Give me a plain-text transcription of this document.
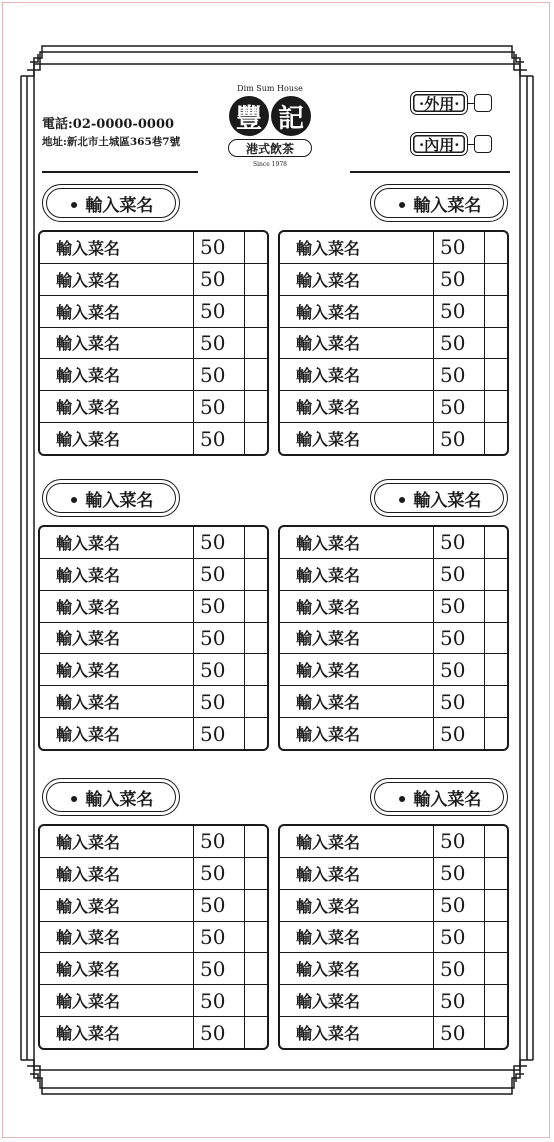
電話:02-0000-0000
地址:新北市土城區365巷7號
Dim Sum House
豐 記
港式飲茶
Since 1978
·外用·
·內用·
• 輸入菜名	• 輸入菜名
輸入菜名	50	
輸入菜名	50	
輸入菜名	50	
輸入菜名	50	
輸入菜名	50	
輸入菜名	50	
輸入菜名	50	
輸入菜名	50	
輸入菜名	50	
輸入菜名	50	
輸入菜名	50	
輸入菜名	50	
輸入菜名	50	
輸入菜名	50	
• 輸入菜名	• 輸入菜名
輸入菜名	50	
輸入菜名	50	
輸入菜名	50	
輸入菜名	50	
輸入菜名	50	
輸入菜名	50	
輸入菜名	50	
輸入菜名	50	
輸入菜名	50	
輸入菜名	50	
輸入菜名	50	
輸入菜名	50	
輸入菜名	50	
輸入菜名	50	
• 輸入菜名	• 輸入菜名
輸入菜名	50	
輸入菜名	50	
輸入菜名	50	
輸入菜名	50	
輸入菜名	50	
輸入菜名	50	
輸入菜名	50	
輸入菜名	50	
輸入菜名	50	
輸入菜名	50	
輸入菜名	50	
輸入菜名	50	
輸入菜名	50	
輸入菜名	50	
